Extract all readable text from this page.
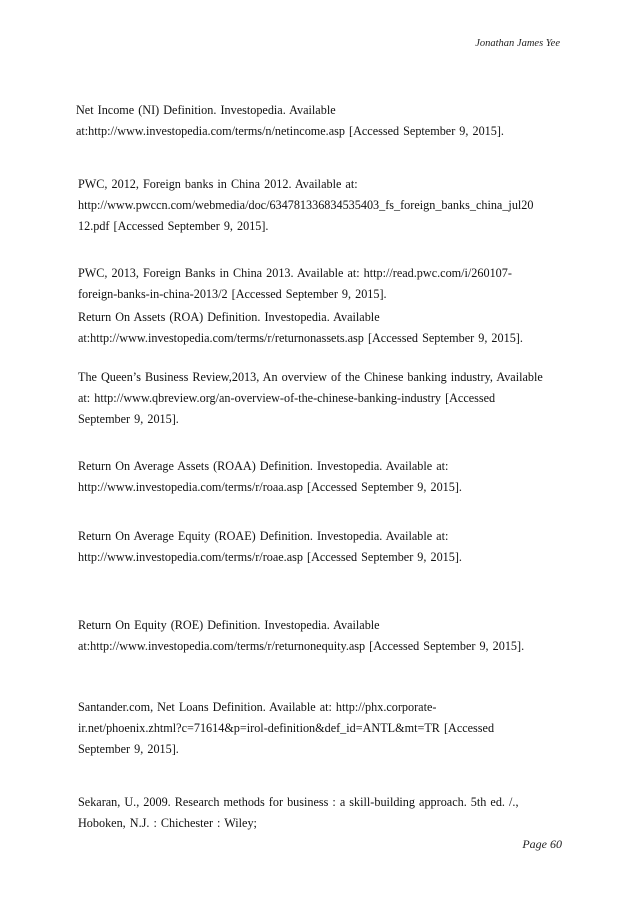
Jonathan James Yee
Net Income (NI) Definition. Investopedia. Available
at:http://www.investopedia.com/terms/n/netincome.asp [Accessed September 9, 2015].
PWC, 2012, Foreign banks in China 2012. Available at:
http://www.pwccn.com/webmedia/doc/634781336834535403_fs_foreign_banks_china_jul20
12.pdf [Accessed September 9, 2015].
PWC, 2013, Foreign Banks in China 2013. Available at: http://read.pwc.com/i/260107-
foreign-banks-in-china-2013/2 [Accessed September 9, 2015].
Return On Assets (ROA) Definition. Investopedia. Available
at:http://www.investopedia.com/terms/r/returnonassets.asp [Accessed September 9, 2015].
The Queen’s Business Review,2013, An overview of the Chinese banking industry, Available
at: http://www.qbreview.org/an-overview-of-the-chinese-banking-industry [Accessed
September 9, 2015].
Return On Average Assets (ROAA) Definition. Investopedia. Available at:
http://www.investopedia.com/terms/r/roaa.asp [Accessed September 9, 2015].
Return On Average Equity (ROAE) Definition. Investopedia. Available at:
http://www.investopedia.com/terms/r/roae.asp [Accessed September 9, 2015].
Return On Equity (ROE) Definition. Investopedia. Available
at:http://www.investopedia.com/terms/r/returnonequity.asp [Accessed September 9, 2015].
Santander.com, Net Loans Definition. Available at: http://phx.corporate-
ir.net/phoenix.zhtml?c=71614&p=irol-definition&def_id=ANTL&mt=TR [Accessed
September 9, 2015].
Sekaran, U., 2009. Research methods for business : a skill-building approach. 5th ed. /.,
Hoboken, N.J. : Chichester : Wiley;
Page 60
